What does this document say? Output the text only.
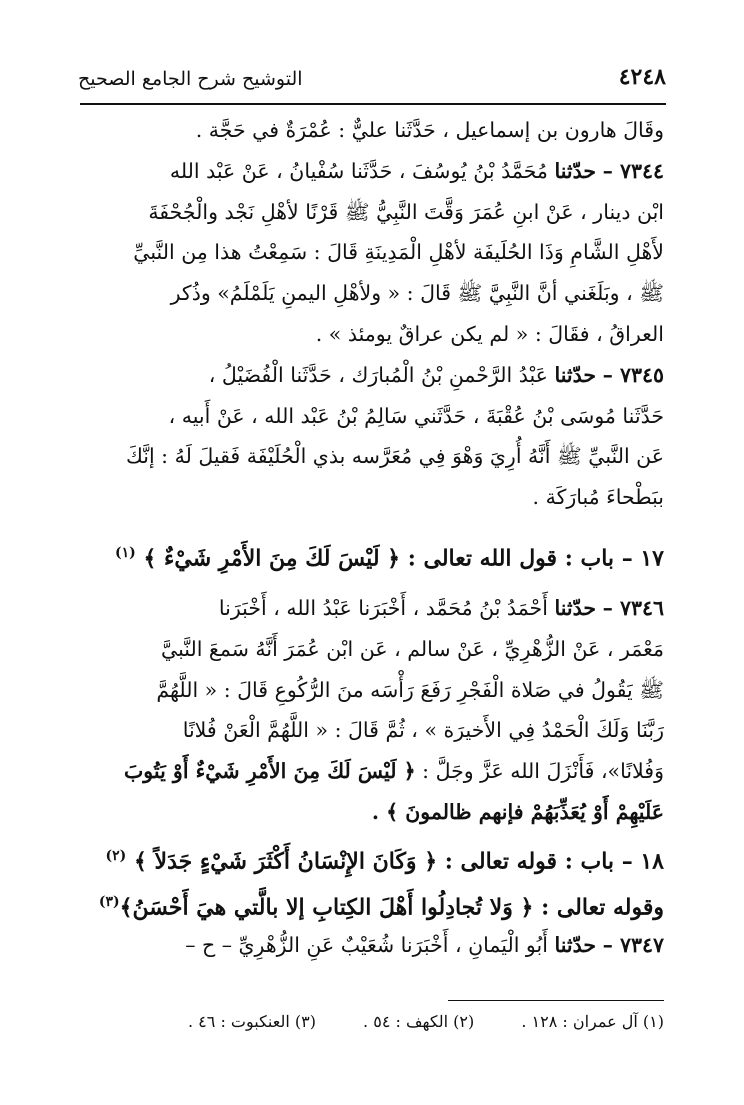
٤٢٤٨
التوشيح شرح الجامع الصحيح
وقَالَ هارون بن إسماعيل ، حَدَّثَنا عليٌّ : عُمْرَةٌ في حَجَّة .
٧٣٤٤ – حدّثنا مُحَمَّدُ بْنُ يُوسُفَ ، حَدَّثَنا سُفْيانُ ، عَنْ عَبْد الله
ابْن دينار ، عَنْ ابنِ عُمَرَ وَقَّتَ النَّبِيُّ ﷺ قَرْنًا لأهْلِ نَجْد والْجُحْفَةَ
لأَهْلِ الشَّامِ وَذَا الحُلَيفَة لأهْلِ الْمَدِينَةِ قَالَ : سَمِعْتُ هذا مِن النَّبيِّ
ﷺ ، وبَلَغَني أنَّ النَّبِيَّ ﷺ قَالَ : « ولأهْلِ اليمنِ يَلَمْلَمُ» وذُكر
العراقُ ، فقَالَ : « لم يكن عراقٌ يومئذ » .
٧٣٤٥ – حدّثنا عَبْدُ الرَّحْمنِ بْنُ الْمُبارَك ، حَدَّثَنا الْفُضَيْلُ ،
حَدَّثَنا مُوسَى بْنُ عُقْبَةَ ، حَدَّثَني سَالِمُ بْنُ عَبْد الله ، عَنْ أَبيه ،
عَن النَّبيِّ ﷺ أَنَّهُ أُرِيَ وَهْوَ فِي مُعَرَّسه بذي الْحُلَيْفَة فَقيلَ لَهُ : إنَّكَ
ببَطْحاءَ مُبارَكَة .
١٧ – باب : قول الله تعالى : ﴿ لَيْسَ لَكَ مِنَ الأَمْرِ شَيْءٌ ﴾ $^{(١)}$
٧٣٤٦ – حدّثنا أَحْمَدُ بْنُ مُحَمَّد ، أَخْبَرَنا عَبْدُ الله ، أَخْبَرَنا
مَعْمَر ، عَنْ الزُّهْرِيِّ ، عَنْ سالم ، عَن ابْن عُمَرَ أَنَّهُ سَمعَ النَّبيَّ
ﷺ يَقُولُ في صَلاة الْفَجْرِ رَفَعَ رَأْسَه منَ الرُّكُوعِ قَالَ : « اللَّهُمَّ
رَبَّنَا وَلَكَ الْحَمْدُ فِي الأَخيرَة » ، ثُمَّ قَالَ : « اللَّهُمَّ الْعَنْ فُلانًا
وَفُلانًا»، فَأَنْزَلَ الله عَزَّ وجَلَّ : ﴿ لَيْسَ لَكَ مِنَ الأَمْرِ شَيْءٌ أَوْ يَتُوبَ
عَلَيْهِمْ أَوْ يُعَذِّبَهُمْ فإنهم ظالمونَ ﴾ .
١٨ – باب : قوله تعالى : ﴿ وَكَانَ الإِنْسَانُ أَكْثَرَ شَيْءٍ جَدَلاً ﴾ $^{(٢)}$
وقوله تعالى : ﴿ وَلا تُجادِلُوا أَهْلَ الكِتابِ إلا بالَّتي هيَ أَحْسَنُ﴾$^{(٣)}$
٧٣٤٧ – حدّثنا أَبُو الْيَمانِ ، أَخْبَرَنا شُعَيْبٌ عَنِ الزُّهْرِيِّ – ح –
(١) آل عمران : ١٢٨ . (٢) الكهف : ٥٤ . (٣) العنكبوت : ٤٦ .
